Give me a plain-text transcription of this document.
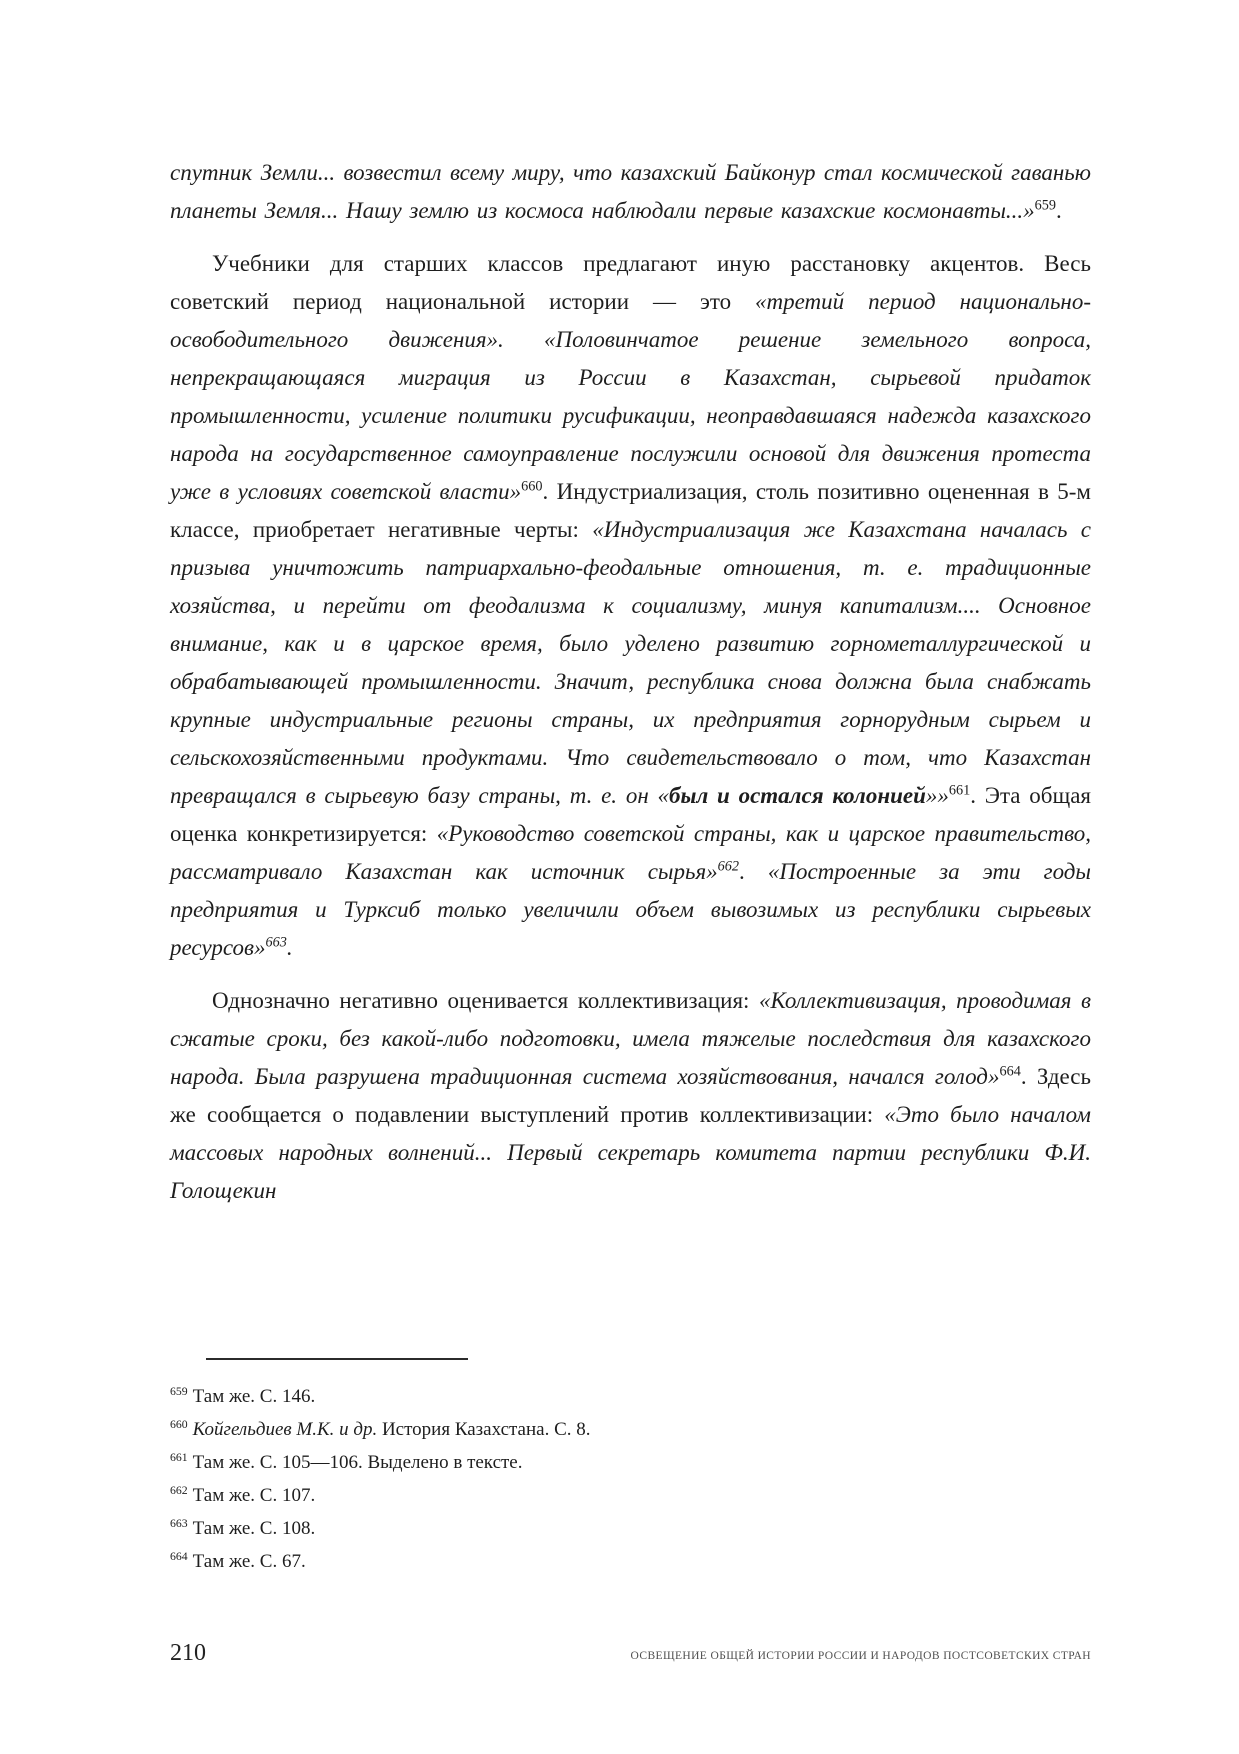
спутник Земли... возвестил всему миру, что казахский Байконур стал космической гаванью планеты Земля... Нашу землю из космоса наблюдали первые казахские космонавты...»$^{659}$.

Учебники для старших классов предлагают иную расстановку акцентов. Весь советский период национальной истории — это «третий период национально-освободительного движения». «Половинчатое решение земельного вопроса, непрекращающаяся миграция из России в Казахстан, сырьевой придаток промышленности, усиление политики русификации, неоправдавшаяся надежда казахского народа на государственное самоуправление послужили основой для движения протеста уже в условиях советской власти»$^{660}$. Индустриализация, столь позитивно оцененная в 5-м классе, приобретает негативные черты: «Индустриализация же Казахстана началась с призыва уничтожить патриархально-феодальные отношения, т. е. традиционные хозяйства, и перейти от феодализма к социализму, минуя капитализм.... Основное внимание, как и в царское время, было уделено развитию горнометаллургической и обрабатывающей промышленности. Значит, республика снова должна была снабжать крупные индустриальные регионы страны, их предприятия горнорудным сырьем и сельскохозяйственными продуктами. Что свидетельствовало о том, что Казахстан превращался в сырьевую базу страны, т. е. он «был и остался колонией»»$^{661}$. Эта общая оценка конкретизируется: «Руководство советской страны, как и царское правительство, рассматривало Казахстан как источник сырья»$^{662}$. «Построенные за эти годы предприятия и Турксиб только увеличили объем вывозимых из республики сырьевых ресурсов»$^{663}$.

Однозначно негативно оценивается коллективизация: «Коллективизация, проводимая в сжатые сроки, без какой-либо подготовки, имела тяжелые последствия для казахского народа. Была разрушена традиционная система хозяйствования, начался голод»$^{664}$. Здесь же сообщается о подавлении выступлений против коллективизации: «Это было началом массовых народных волнений... Первый секретарь комитета партии республики Ф.И. Голощекин

$^{659}$ Там же. С. 146.
$^{660}$ Койгельдиев М.К. и др. История Казахстана. С. 8.
$^{661}$ Там же. С. 105—106. Выделено в тексте.
$^{662}$ Там же. С. 107.
$^{663}$ Там же. С. 108.
$^{664}$ Там же. С. 67.
210	ОСВЕЩЕНИЕ ОБЩЕЙ ИСТОРИИ РОССИИ И НАРОДОВ ПОСТСОВЕТСКИХ СТРАН
